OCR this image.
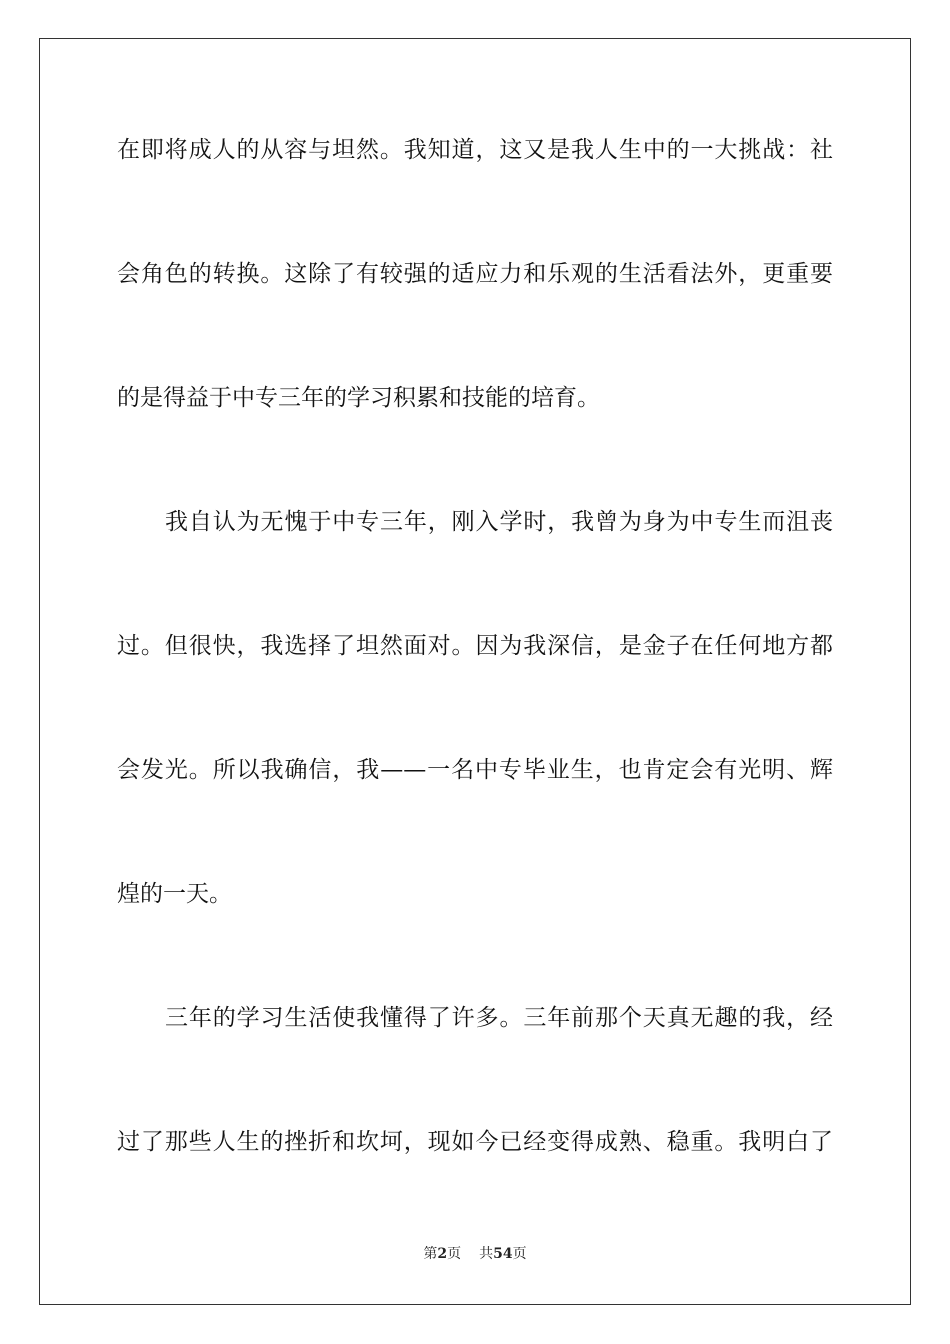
在即将成人的从容与坦然。我知道，这又是我人生中的一大挑战：社
会角色的转换。这除了有较强的适应力和乐观的生活看法外，更重要
的是得益于中专三年的学习积累和技能的培育。
我自认为无愧于中专三年，刚入学时，我曾为身为中专生而沮丧
过。但很快，我选择了坦然面对。因为我深信，是金子在任何地方都
会发光。所以我确信，我——一名中专毕业生，也肯定会有光明、辉
煌的一天。
三年的学习生活使我懂得了许多。三年前那个天真无趣的我，经
过了那些人生的挫折和坎坷，现如今已经变得成熟、稳重。我明白了
第2页 共54页
